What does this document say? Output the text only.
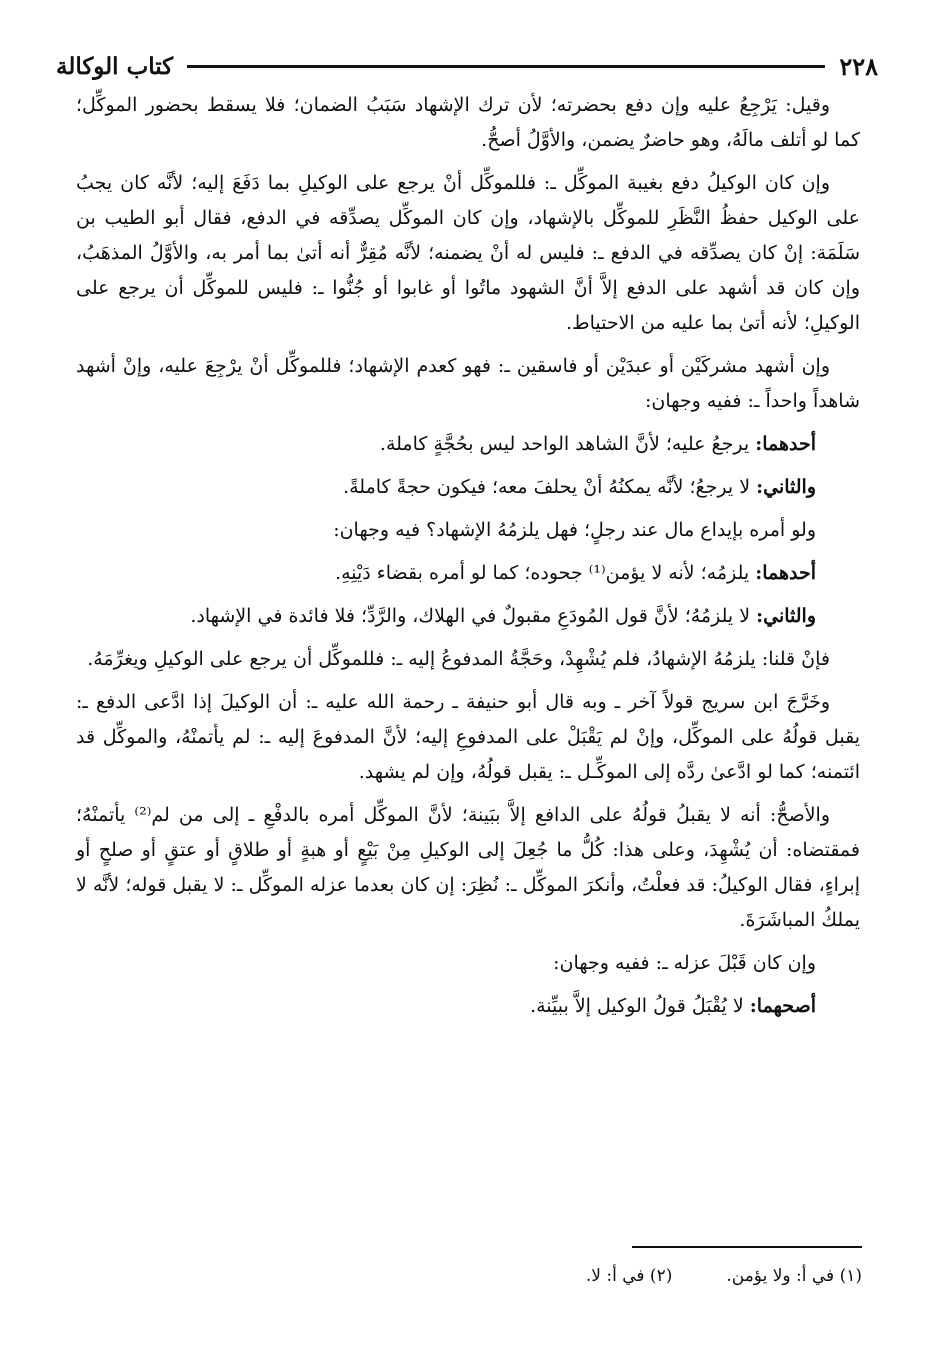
٢٢٨
كتاب الوكالة

وقيل: يَرْجِعُ عليه وإن دفع بحضرته؛ لأن ترك الإشهاد سَبَبُ الضمان؛ فلا يسقط بحضور الموكِّل؛ كما لو أتلف مالَهُ، وهو حاضرٌ يضمن، والأوَّلُ أصحُّ.

وإن كان الوكيلُ دفع بغيبة الموكِّل ـ: فللموكِّل أنْ يرجع على الوكيلِ بما دَفَعَ إليه؛ لأنَّه كان يجبُ على الوكيل حفظُ النَّظَرِ للموكِّل بالإشهاد، وإن كان الموكِّل يصدِّقه في الدفع، فقال أبو الطيب بن سَلَمَة: إنْ كان يصدِّقه في الدفع ـ: فليس له أنْ يضمنه؛ لأنَّه مُقِرٌّ أنه أتىٰ بما أمر به، والأوَّلُ المذهَبُ، وإن كان قد أشهد على الدفع إلاَّ أنَّ الشهود ماتُوا أو غابوا أو جُنُّوا ـ: فليس للموكِّل أن يرجع على الوكيلِ؛ لأنه أتىٰ بما عليه من الاحتياط.

وإن أشهد مشركَيْن أو عبدَيْن أو فاسقين ـ: فهو كعدم الإشهاد؛ فللموكِّل أنْ يرْجِعَ عليه، وإنْ أشهد شاهداً واحداً ـ: ففيه وجهان:

أحدهما: يرجعُ عليه؛ لأنَّ الشاهد الواحد ليس بحُجَّةٍ كاملة.

والثاني: لا يرجعُ؛ لأنَّه يمكنُهُ أنْ يحلفَ معه؛ فيكون حجةً كاملةً.

ولو أمره بإيداع مال عند رجلٍ؛ فهل يلزمُهُ الإشهاد؟ فيه وجهان:

أحدهما: يلزمُه؛ لأنه لا يؤمن⁽¹⁾ جحوده؛ كما لو أمره بقضاء دَيْنِهِ.

والثاني: لا يلزمُهُ؛ لأنَّ قول المُودَعِ مقبولٌ في الهلاك، والرَّدِّ؛ فلا فائدة في الإشهاد.

فإنْ قلنا: يلزمُهُ الإشهادُ، فلم يُشْهِدْ، وحَجَّةُ المدفوعُ إليه ـ: فللموكِّل أن يرجع على الوكيلِ ويغرِّمَهُ.

وخَرَّجَ ابن سريج قولاً آخر ـ وبه قال أبو حنيفة ـ رحمة الله عليه ـ: أن الوكيلَ إذا ادَّعى الدفع ـ: يقبل قولُهُ على الموكِّل، وإنْ لم يَقْبَلْ على المدفوعِ إليه؛ لأنَّ المدفوعَ إليه ـ: لم يأتمنْهُ، والموكِّل قد ائتمنه؛ كما لو ادَّعىٰ ردَّه إلى الموكِّـل ـ: يقبل قولُهُ، وإن لم يشهد.

والأصحُّ: أنه لا يقبلُ قولُهُ على الدافع إلاَّ ببَينة؛ لأنَّ الموكِّل أمره بالدفْعِ ـ إلى من لم⁽²⁾ يأتمنْهُ؛ فمقتضاه: أن يُشْهِدَ، وعلى هذا: كُلُّ ما جُعِلَ إلى الوكيلِ مِنْ بَيْعٍ أو هبةٍ أو طلاقٍ أو عتقٍ أو صلحٍ أو إبراءٍ، فقال الوكيلُ: قد فعلْتُ، وأنكرَ الموكِّل ـ: نُظِرَ: إن كان بعدما عزله الموكِّل ـ: لا يقبل قوله؛ لأنَّه لا يملكُ المباشَرَةَ.

وإن كان قَبْلَ عزله ـ: ففيه وجهان:

أصحهما: لا يُقْبَلُ قولُ الوكيل إلاَّ ببيِّنة.

(١) في أ: ولا يؤمن.
(٢) في أ: لا.
